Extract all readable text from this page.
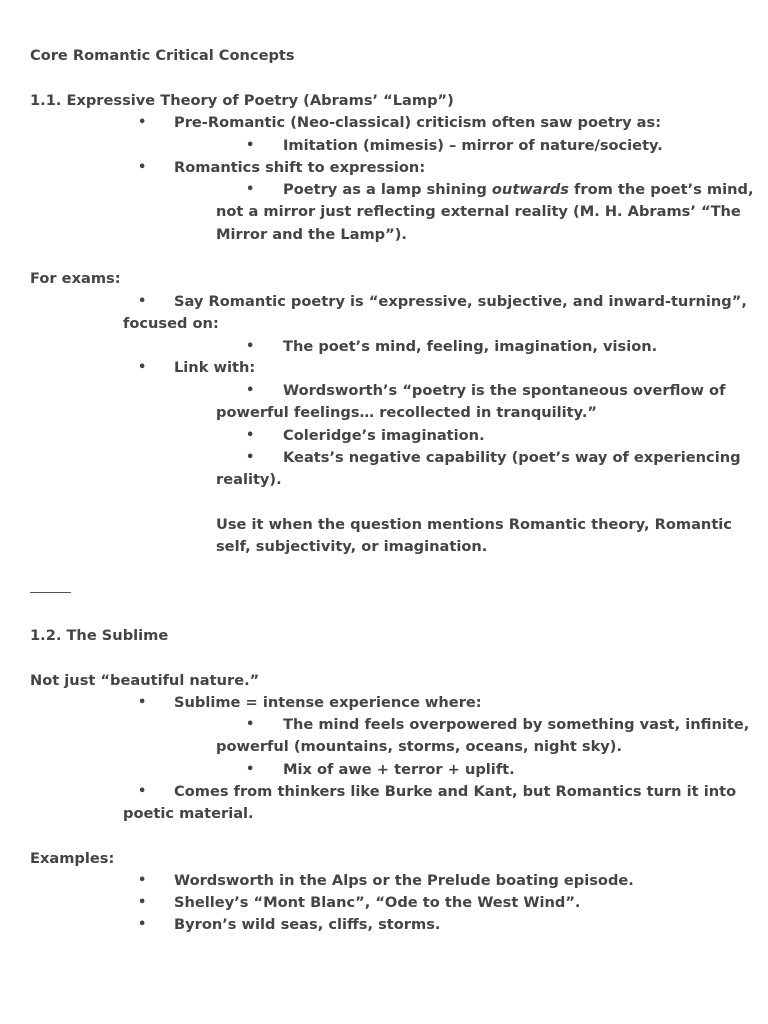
Core Romantic Critical Concepts
1.1. Expressive Theory of Poetry (Abrams’ “Lamp”)
• Pre-Romantic (Neo-classical) criticism often saw poetry as:
• Imitation (mimesis) – mirror of nature/society.
• Romantics shift to expression:
• Poetry as a lamp shining outwards from the poet’s mind,
not a mirror just reflecting external reality (M. H. Abrams’ “The
Mirror and the Lamp”).
For exams:
• Say Romantic poetry is “expressive, subjective, and inward-turning”,
focused on:
• The poet’s mind, feeling, imagination, vision.
• Link with:
• Wordsworth’s “poetry is the spontaneous overflow of
powerful feelings… recollected in tranquility.”
• Coleridge’s imagination.
• Keats’s negative capability (poet’s way of experiencing
reality).
Use it when the question mentions Romantic theory, Romantic
self, subjectivity, or imagination.
1.2. The Sublime
Not just “beautiful nature.”
• Sublime = intense experience where:
• The mind feels overpowered by something vast, infinite,
powerful (mountains, storms, oceans, night sky).
• Mix of awe + terror + uplift.
• Comes from thinkers like Burke and Kant, but Romantics turn it into
poetic material.
Examples:
• Wordsworth in the Alps or the Prelude boating episode.
• Shelley’s “Mont Blanc”, “Ode to the West Wind”.
• Byron’s wild seas, cliffs, storms.
